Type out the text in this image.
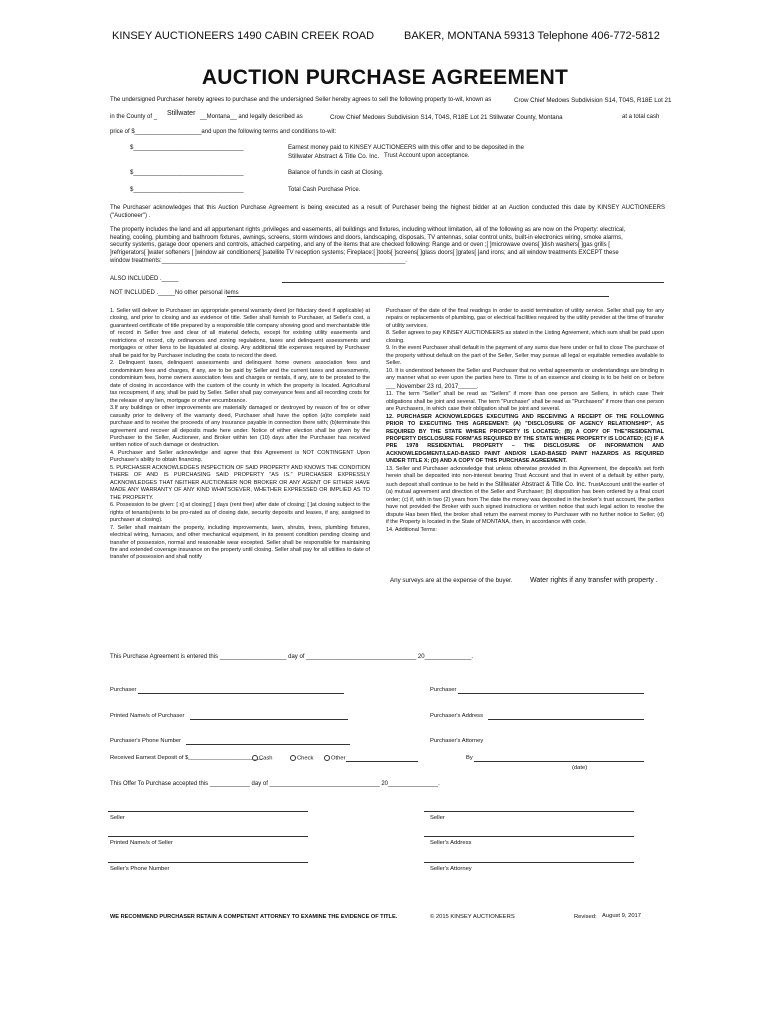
KINSEY AUCTIONEERS 1490 CABIN CREEK ROAD	BAKER, MONTANA 59313 Telephone 406-772-5812
AUCTION PURCHASE AGREEMENT
The undersigned Purchaser hereby agrees to purchase and the undersigned Seller hereby agrees to sell the following property to-wit, known as	Crow Chief Medows Subdivision S14, T04S, R18E Lot 21
in the County of _ Stillwater __Montana__ and legally described as	Crow Chief Medows Subdivision S14, T04S, R18E Lot 21 Stillwater County, Montana	at a total cash
price of $____________________and upon the following terms and conditions to-wit:
$_________________________________	Earnest money paid to KINSEY AUCTIONEERS with this offer and to be deposited in the
Stillwater Abstract & Title Co. Inc. Trust Account upon acceptance.
$_________________________________	Balance of funds in cash at Closing.
$_________________________________	Total Cash Purchase Price.
The Purchaser acknowledges that this Auction Purchase Agreement is being executed as a result of Purchaser being the highest bidder at an Auction conducted this date by KINSEY AUCTIONEERS ("Auctioneer") .
The property includes the land and all appurtenant rights ,privileges and easements, all buildings and fixtures, including without limitation, all of the following as are now on the Property: electrical,
heating, cooling, plumbing and bathroom fixtures, awnings, screens, storm windows and doors, landscaping, disposals, TV antennas, solar control units, built-in electronics wiring, smoke alarms,
security systems, garage door openers and controls, attached carpeting, and any of the items that are checked following: Range and or oven ;[ ]microwave ovens[ ]dish washers[ ]gas grills [
]refrigerators[ ]water softeners [ ]window air conditioners[ ]satellite TV reception systems; Fireplace:[ ]tools[ ]screens[ ]glass doors[ ]grates[ ]and irons; and all window treatments EXCEPT these
window treatments:_________________________________________________________________________.
ALSO INCLUDED ._____
NOT INCLUDED ._____No other personal items

1. Seller will deliver to Purchaser an appropriate general warranty deed (or fiduciary deed if applicable) at closing, and prior to closing and as evidence of title. Seller shall furnish to Purchaser, at Seller's cost, a guaranteed certificate of title prepared by a responsible title company showing good and merchantable title of record in Seller free and clear of all material defects, except for existing utility easements and restrictions of record, city ordinances and zoning regulations, taxes and delinquent assessments and mortgages or other liens to be liquidated at closing. Any additional title expenses required by Purchaser shall be paid for by Purchaser including the costs to record the deed.

2. Delinquent taxes, delinquent assessments and delinquent home owners association fees and condominium fees and charges, if any, are to be paid by Seller and the current taxes and assessments, condominium fees, home owners association fees and charges or rentals, if any, are to be prorated to the date of closing in accordance with the custom of the county in which the property is located. Agricultural tax recoupment, if any, shall be paid by Seller. Seller shall pay conveyance fees and all recording costs for the release of any lien, mortgage or other encumbrance.

3.If any buildings or other improvements are materially damaged or destroyed by reason of fire or other casualty prior to delivery of the warranty deed, Purchaser shall have the option (a)to complete said purchase and to receive the proceeds of any insurance payable in connection there with; (b)terminate this agreement and recover all deposits made here under. Notice of either election shall be given by the Purchaser to the Seller, Auctioneer, and Broker within ten (10) days after the Purchaser has received written notice of such damage or destruction.

4. Purchaser and Seller acknowledge and agree that this Agreement is NOT CONTINGENT Upon Purchaser's ability to obtain financing.

5. PURCHASER ACKNOWLEDGES INSPECTION OF SAID PROPERTY AND KNOWS THE CONDITION THERE OF AND IS PURCHASING SAID PROPERTY "AS IS." PURCHASER EXPRESSLY ACKNOWLEDGES THAT NEITHER AUCTIONEER NOR BROKER OR ANY AGENT OF EITHER HAVE MADE ANY WARRANTY OF ANY KIND WHATSOEVER, WHETHER EXPRESSED OR IMPLIED AS TO THE PROPERTY.

6. Possession to be given: [ x] at closing;[ ] days (rent free) after date of closing; [ ]at closing subject to the rights of tenants(rents to be pro-rated as of closing date, security deposits and leases, if any, assigned to purchaser at closing).

7. Seller shall maintain the property, including improvements, lawn, shrubs, trees, plumbing fixtures, electrical wiring, furnaces, and other mechanical equipment, in its present condition pending closing and transfer of possession, normal and reasonable wear excepted. Seller shall be responsible for maintaining fire and extended coverage insurance on the property until closing. Seller shall pay for all utilities to date of transfer of possession and shall notify

Purchaser of the date of the final readings in order to avoid termination of utility service. Seller shall pay for any repairs or replacements of plumbing, gas or electrical facilities required by the utility provider at the time of transfer of utility services.

8. Seller agrees to pay KINSEY AUCTIONEERS as stated in the Listing Agreement, which sum shall be paid upon closing.

9. In the event Purchaser shall default in the payment of any sums due here under or fail to close The purchase of the property without default on the part of the Seller, Seller may pursue all legal or equitable remedies available to Seller.

10. It is understood between the Seller and Purchaser that no verbal agreements or understandings are binding in any manner what so ever upon the parties here to. Time is of an essence and closing is to be held on or before ___ November 23 rd, 2017______.

11. The term "Seller" shall be read as "Sellers" if more than one person are Sellers, in which case Their obligations shall be joint and several. The term "Purchaser" shall be read as "Purchasers" if more than one person are Purchasers, in which case their obligation shall be joint and several.

12. PURCHASER ACKNOWLEDGES EXECUTING AND RECEIVING A RECEIPT OF THE FOLLOWING PRIOR TO EXECUTING THIS AGREEMENT: (A) "DISCLOSURE OF AGENCY RELATIONSHIP", AS REQUIRED BY THE STATE WHERE PROPERTY IS LOCATED; (B) A COPY OF THE"RESIDENTIAL PROPERTY DISCLOSURE FORM"AS REQUIRED BY THE STATE WHERE PROPERTY IS LOCATED; (C) IF A PRE 1978 RESIDENTIAL PROPERTY – THE DISCLOSURE OF INFORMATION AND ACKNOWLEDGMENT/LEAD-BASED PAINT AND/OR LEAD-BASED PAINT HAZARDS AS REQUIRED UNDER TITLE X; (D) AND A COPY OF THIS PURCHASE AGREEMENT.

13. Seller and Purchaser acknowledge that unless otherwise provided in this Agreement, the deposit/s set forth herein shall be deposited into non-interest bearing Trust Account and that in event of a default by either party, such deposit shall continue to be held in the Stillwater Abstract & Title Co. Inc. TrustAccount until the earlier of (a) mutual agreement and direction of the Seller and Purchaser; (b) disposition has been ordered by a final court order; (c) if, with in two (2) years from The date the money was deposited in the broker's trust account, the parties have not provided the Broker with such signed instructions or written notice that such legal action to resolve the dispute Has been filed, the broker shall return the earnest money to Purchaser with no further notice to Seller; (d) if the Property is located in the State of MONTANA, then, in accordance with code.

14. Additional Terms:

Any surveys are at the expense of the buyer.	Water rights if any transfer with property .
This Purchase Agreement is entered this ____________________ day of _________________________________ 20______________.
Purchaser	Purchaser
Printed Name/s of Purchaser	Purchaser's Address
Purchaser's Phone Number	Purchaser's Attorney
Received Earnest Deposit of $_______________________
Cash	Check	Other	By
(date)
This Offer To Purchase accepted this ____________ day of _________________________________ 20_______________.
Seller	Seller
Printed Name/s of Seller	Seller's Address
Seller's Phone Number	Seller's Attorney
WE RECOMMEND PURCHASER RETAIN A COMPETENT ATTORNEY TO EXAMINE THE EVIDENCE OF TITLE.	© 2015 KINSEY AUCTIONEERS	Revised: August 9, 2017
